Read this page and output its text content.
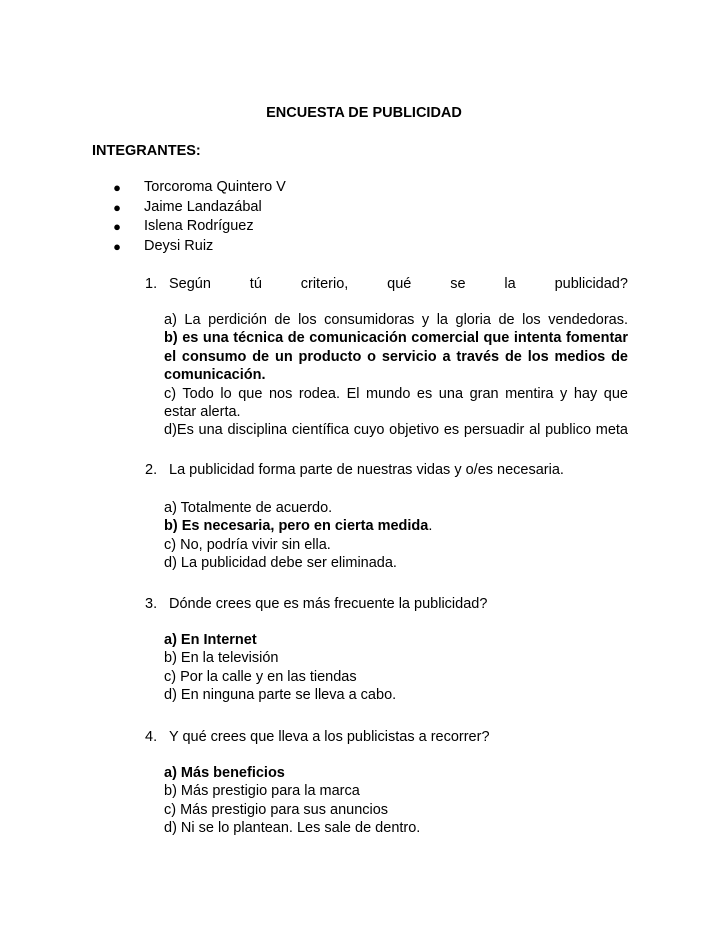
ENCUESTA DE PUBLICIDAD
INTEGRANTES:
● Torcoroma Quintero V
● Jaime Landazábal
● Islena Rodríguez
● Deysi Ruiz
1. Según	tú	criterio,	qué	se	la	publicidad?
a) La perdición de los consumidoras y la gloria de los vendedoras.
b) es una técnica de comunicación comercial que intenta fomentar el consumo de un producto o servicio a través de los medios de comunicación.
c) Todo lo que nos rodea. El mundo es una gran mentira y hay que estar alerta.
d)Es una disciplina científica cuyo objetivo es persuadir al publico meta
2. La publicidad forma parte de nuestras vidas y o/es necesaria.
a) Totalmente de acuerdo.
b) Es necesaria, pero en cierta medida.
c) No, podría vivir sin ella.
d) La publicidad debe ser eliminada.
3. Dónde crees que es más frecuente la publicidad?
a) En Internet
b) En la televisión
c) Por la calle y en las tiendas
d) En ninguna parte se lleva a cabo.
4. Y qué crees que lleva a los publicistas a recorrer?
a) Más beneficios
b) Más prestigio para la marca
c) Más prestigio para sus anuncios
d) Ni se lo plantean. Les sale de dentro.
